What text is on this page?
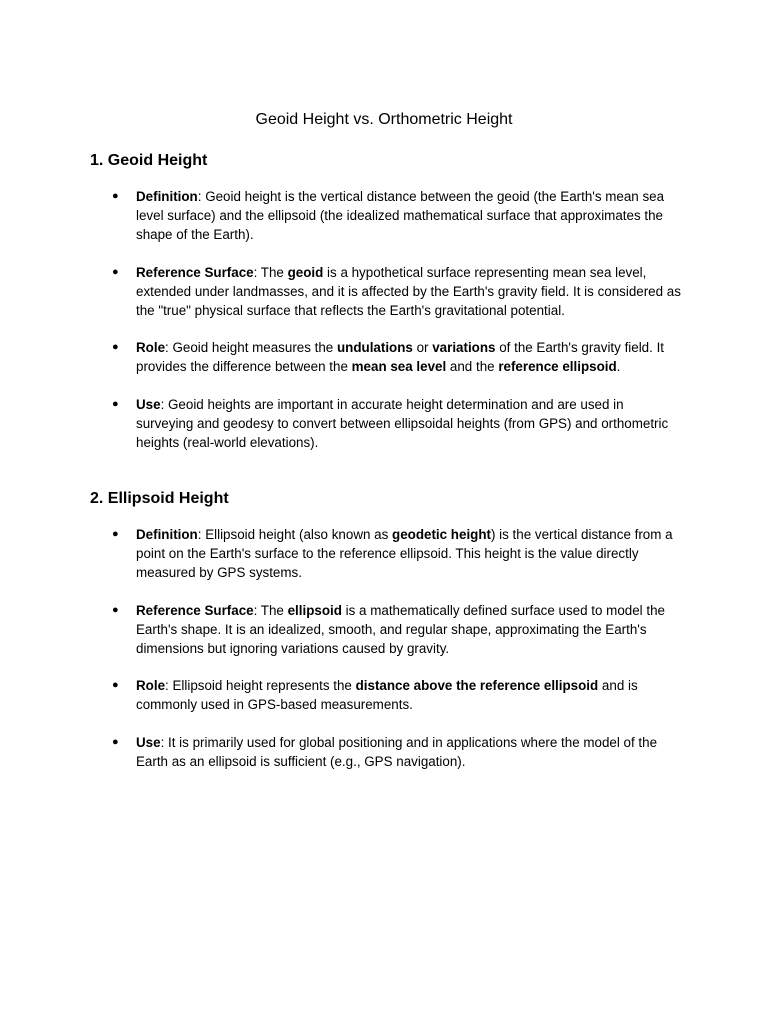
Geoid Height vs. Orthometric Height
1. Geoid Height
● Definition: Geoid height is the vertical distance between the geoid (the Earth's mean sea level surface) and the ellipsoid (the idealized mathematical surface that approximates the shape of the Earth).
● Reference Surface: The geoid is a hypothetical surface representing mean sea level, extended under landmasses, and it is affected by the Earth's gravity field. It is considered as the "true" physical surface that reflects the Earth's gravitational potential.
● Role: Geoid height measures the undulations or variations of the Earth's gravity field. It provides the difference between the mean sea level and the reference ellipsoid.
● Use: Geoid heights are important in accurate height determination and are used in surveying and geodesy to convert between ellipsoidal heights (from GPS) and orthometric heights (real-world elevations).
2. Ellipsoid Height
● Definition: Ellipsoid height (also known as geodetic height) is the vertical distance from a point on the Earth's surface to the reference ellipsoid. This height is the value directly measured by GPS systems.
● Reference Surface: The ellipsoid is a mathematically defined surface used to model the Earth's shape. It is an idealized, smooth, and regular shape, approximating the Earth's dimensions but ignoring variations caused by gravity.
● Role: Ellipsoid height represents the distance above the reference ellipsoid and is commonly used in GPS-based measurements.
● Use: It is primarily used for global positioning and in applications where the model of the Earth as an ellipsoid is sufficient (e.g., GPS navigation).
